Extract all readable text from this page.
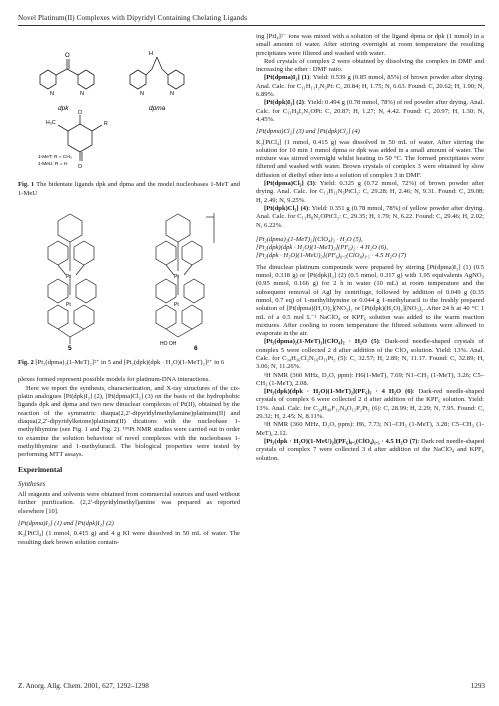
Novel Platinum(II) Complexes with Dipyridyl Containing Chelating Ligands
O
N	N
dpk
H
N	N
dpma
H₃C	R
O
O
1-MeT: R = CH₃
1-MeU: R = H
Fig. 1 The bidentate ligands dpk and dpma and the model nucleobases 1-MeT and 1-MeU
Pt
Pt
5
Pt
Pt
HO OH
6
Fig. 2 [Pt₂(dpma)₂(1-MeT)₂]²⁺ in 5 and [Pt₂(dpk)(dpk · H₂O)(1-MeT)₂]²⁺ in 6
plexes formed represent possible models for platinum-DNA interactions.
Here we report the synthesis, characterization, and X-ray structures of the cis-platin analogues [Pt(dpk)I₂] (2), [Pt(dpma)Cl₂] (3) on the basis of the hydrophobic ligands dpk and dpma and two new dinuclear complexes of Pt(II), obtained by the reaction of the symmetric diaqua(2,2′-dipyridylmethylamine)platinum(II) and diaqua(2,2′-dipyridylketone)platinum(II) dications with the nucleobase 1-methylthymine (see Fig. 1 and Fig. 2). ¹⁹⁵Pt NMR studies were carried out in order to examine the solution behaviour of novel complexes with the nucleobases 1-methylthymine and 1-methyluracil. The biological properties were tested by performing MTT assays.
Experimental
Syntheses
All reagents and solvents were obtained from commercial sources and used without further purification. (2,2′-dipyridylmethyl)amine was prepared as reported elsewhere [10].
[Pt(dpma)I₂] (1) and [Pt(dpk)I₂] (2)
K₂[PtCl₄] (1 mmol, 0.415 g) and 4 g KI were dissolved in 50 mL of water. The resulting dark brown solution contain-
ing [PtI₄]²⁻ ions was mixed with a solution of the ligand dpma or dpk (1 mmol) in a small amount of water. After stirring overnight at room temperature the resulting precipitates were filtered and washed with water.
Red crystals of complex 2 were obtained by dissolving the complex in DMF and increasing the ether : DMF ratio.
[Pt(dpma)I₂] (1): Yield: 0.539 g (0.85 mmol, 85%) of brown powder after drying. Anal. Calc. for C₁₁H₁₁I₂N₃Pt: C, 20.84; H, 1.75; N, 6.63. Found: C, 20.62; H, 1.90; N, 6.89%.
[Pt(dpk)I₂] (2): Yield: 0.494 g (0.78 mmol, 78%) of red powder after drying. Anal. Calc. for C₁₁H₈I₂N₂OPt: C, 20.87; H, 1.27; N, 4.42. Found: C, 20.97; H, 1.30; N, 4.45%.
[Pt(dpma)Cl₂] (3) and [Pt(dpk)Cl₂] (4)
K₂[PtCl₄] (1 mmol, 0.415 g) was dissolved in 50 mL of water. After stirring the solution for 10 min 1 mmol dpma or dpk was added in a small amount of water. The mixture was stirred overnight whilst heating to 50 °C. The formed precipitates were filtered and washed with water. Brown crystals of complex 3 were obtained by slow diffusion of diethyl ether into a solution of complex 3 in DMF.
[Pt(dpma)Cl₂] (3): Yield: 0.325 g (0.72 mmol, 72%) of brown powder after drying. Anal. Calc. for C₁₁H₁₁N₃PtCl₂: C, 29.28; H, 2.46; N, 9.31. Found: C, 29.08; H, 2.49; N, 9.25%.
[Pt(dpk)Cl₂] (4): Yield: 0.351 g (0.78 mmol, 78%) of yellow powder after drying. Anal. Calc. for C₁₁H₈N₂OPtCl₂: C, 29.35; H, 1.79; N, 6.22. Found: C, 29.46; H, 2.02; N, 6.22%.
[Pt₂(dpma)₂(1-MeT)₂](ClO₄)₂ · H₂O (5),
[Pt₂(dpk)(dpk · H₂O)(1-MeT)₂](PF₆)₂ · 4 H₂O (6),
[Pt₂(dpk · H₂O)(1-MeU)₂](PF₆)₀.₅(ClO₄)₁.₅ · 4.5 H₂O (7)
The dinuclear platinum compounds were prepared by stirring [Pt(dpma)I₂] (1) (0.5 mmol, 0.318 g) or [Pt(dpk)I₂] (2) (0.5 mmol, 0.317 g) with 1.95 equivalents AgNO₃ (0.95 mmol, 0.166 g) for 2 h in water (10 mL) at room temperature and the subsequent removal of AgI by centrifuge, followed by addition of 0.049 g (0.35 mmol, 0.7 eq) of 1-methylthymine or 0.044 g 1-methyluracil to the freshly prepared solution of [Pt(dpma)(H₂O)₂](NO₃)₂ or [Pt(dpk)(H₂O)₂](NO₃)₂. After 24 h at 40 °C 1 mL of a 0.5 mol L⁻¹ NaClO₄ or KPF₆ solution was added to the warm reaction mixtures. After cooling to room temperature the filtered solutions were allowed to evaporate in the air.
[Pt₂(dpma)₂(1-MeT)₂](ClO₄)₂ · H₂O (5): Dark-red needle-shaped crystals of complex 5 were collected 2 d after addition of the ClO₄ solution. Yield: 13%. Anal. Calc. for C₃₄H₃₆Cl₂N₁₀O₁₁Pt₂ (5): C, 32.57; H, 2.89; N, 11.17. Found: C, 32.89; H, 3.06; N, 11.26%.
¹H NMR (360 MHz, D₂O, ppm): H6(1-MeT), 7.69; N1–CH₃ (1-MeT), 3.26; C5–CH₃ (1-MeT), 2.08.
[Pt₂(dpk)(dpk · H₂O)(1-MeT)₂](PF₆)₂ · 4 H₂O (6): Dark-red needle-shaped crystals of complex 6 were collected 2 d after addition of the KPF₆ solution. Yield: 13%. Anal. Calc. for C₃₄H₄₀F₁₂N₈O₁₁P₂Pt₂ (6): C, 28.99; H, 2.29; N, 7.95. Found: C, 29.32; H, 2.45; N, 8.11%.
¹H NMR (360 MHz, D₂O, ppm): H6, 7.73; N1–CH₃ (1-MeT), 3.28; C5–CH₃ (1-MeT), 2.12.
[Pt₂(dpk · H₂O)(1-MeU)₂](PF₆)₀.₅(ClO₄)₁.₅ · 4.5 H₂O (7): Dark red needle-shaped crystals of complex 7 were collected 3 d after addition of the NaClO₄ and KPF₆ solution.
Z. Anorg. Allg. Chem. 2001, 627, 1292–1298	1293
